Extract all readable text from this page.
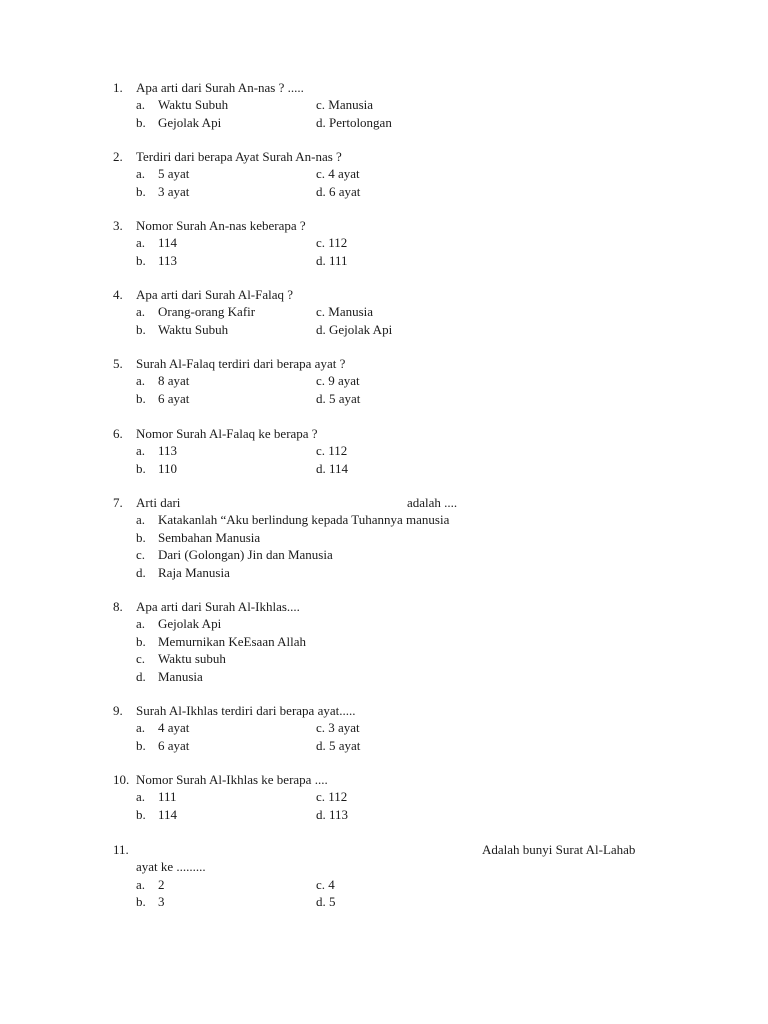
1. Apa arti dari Surah An-nas ? .....
a. Waktu Subuh	c. Manusia
b. Gejolak Api	d. Pertolongan
2. Terdiri dari berapa Ayat Surah An-nas ?
a. 5 ayat	c. 4 ayat
b. 3 ayat	d. 6 ayat
3. Nomor Surah An-nas keberapa ?
a. 114	c. 112
b. 113	d. 111
4. Apa arti dari Surah Al-Falaq ?
a. Orang-orang Kafir	c. Manusia
b. Waktu Subuh	d. Gejolak Api
5. Surah Al-Falaq terdiri dari berapa ayat ?
a. 8 ayat	c. 9 ayat
b. 6 ayat	d. 5 ayat
6. Nomor Surah Al-Falaq ke berapa ?
a. 113	c. 112
b. 110	d. 114
7. Arti dari	adalah ....
a. Katakanlah “Aku berlindung kepada Tuhannya manusia
b. Sembahan Manusia
c. Dari (Golongan) Jin dan Manusia
d. Raja Manusia
8. Apa arti dari Surah Al-Ikhlas....
a. Gejolak Api
b. Memurnikan KeEsaan Allah
c. Waktu subuh
d. Manusia
9. Surah Al-Ikhlas terdiri dari berapa ayat.....
a. 4 ayat	c. 3 ayat
b. 6 ayat	d. 5 ayat
10. Nomor Surah Al-Ikhlas ke berapa ....
a. 111	c. 112
b. 114	d. 113
11.	Adalah bunyi Surat Al-Lahab
ayat ke .........
a. 2	c. 4
b. 3	d. 5
